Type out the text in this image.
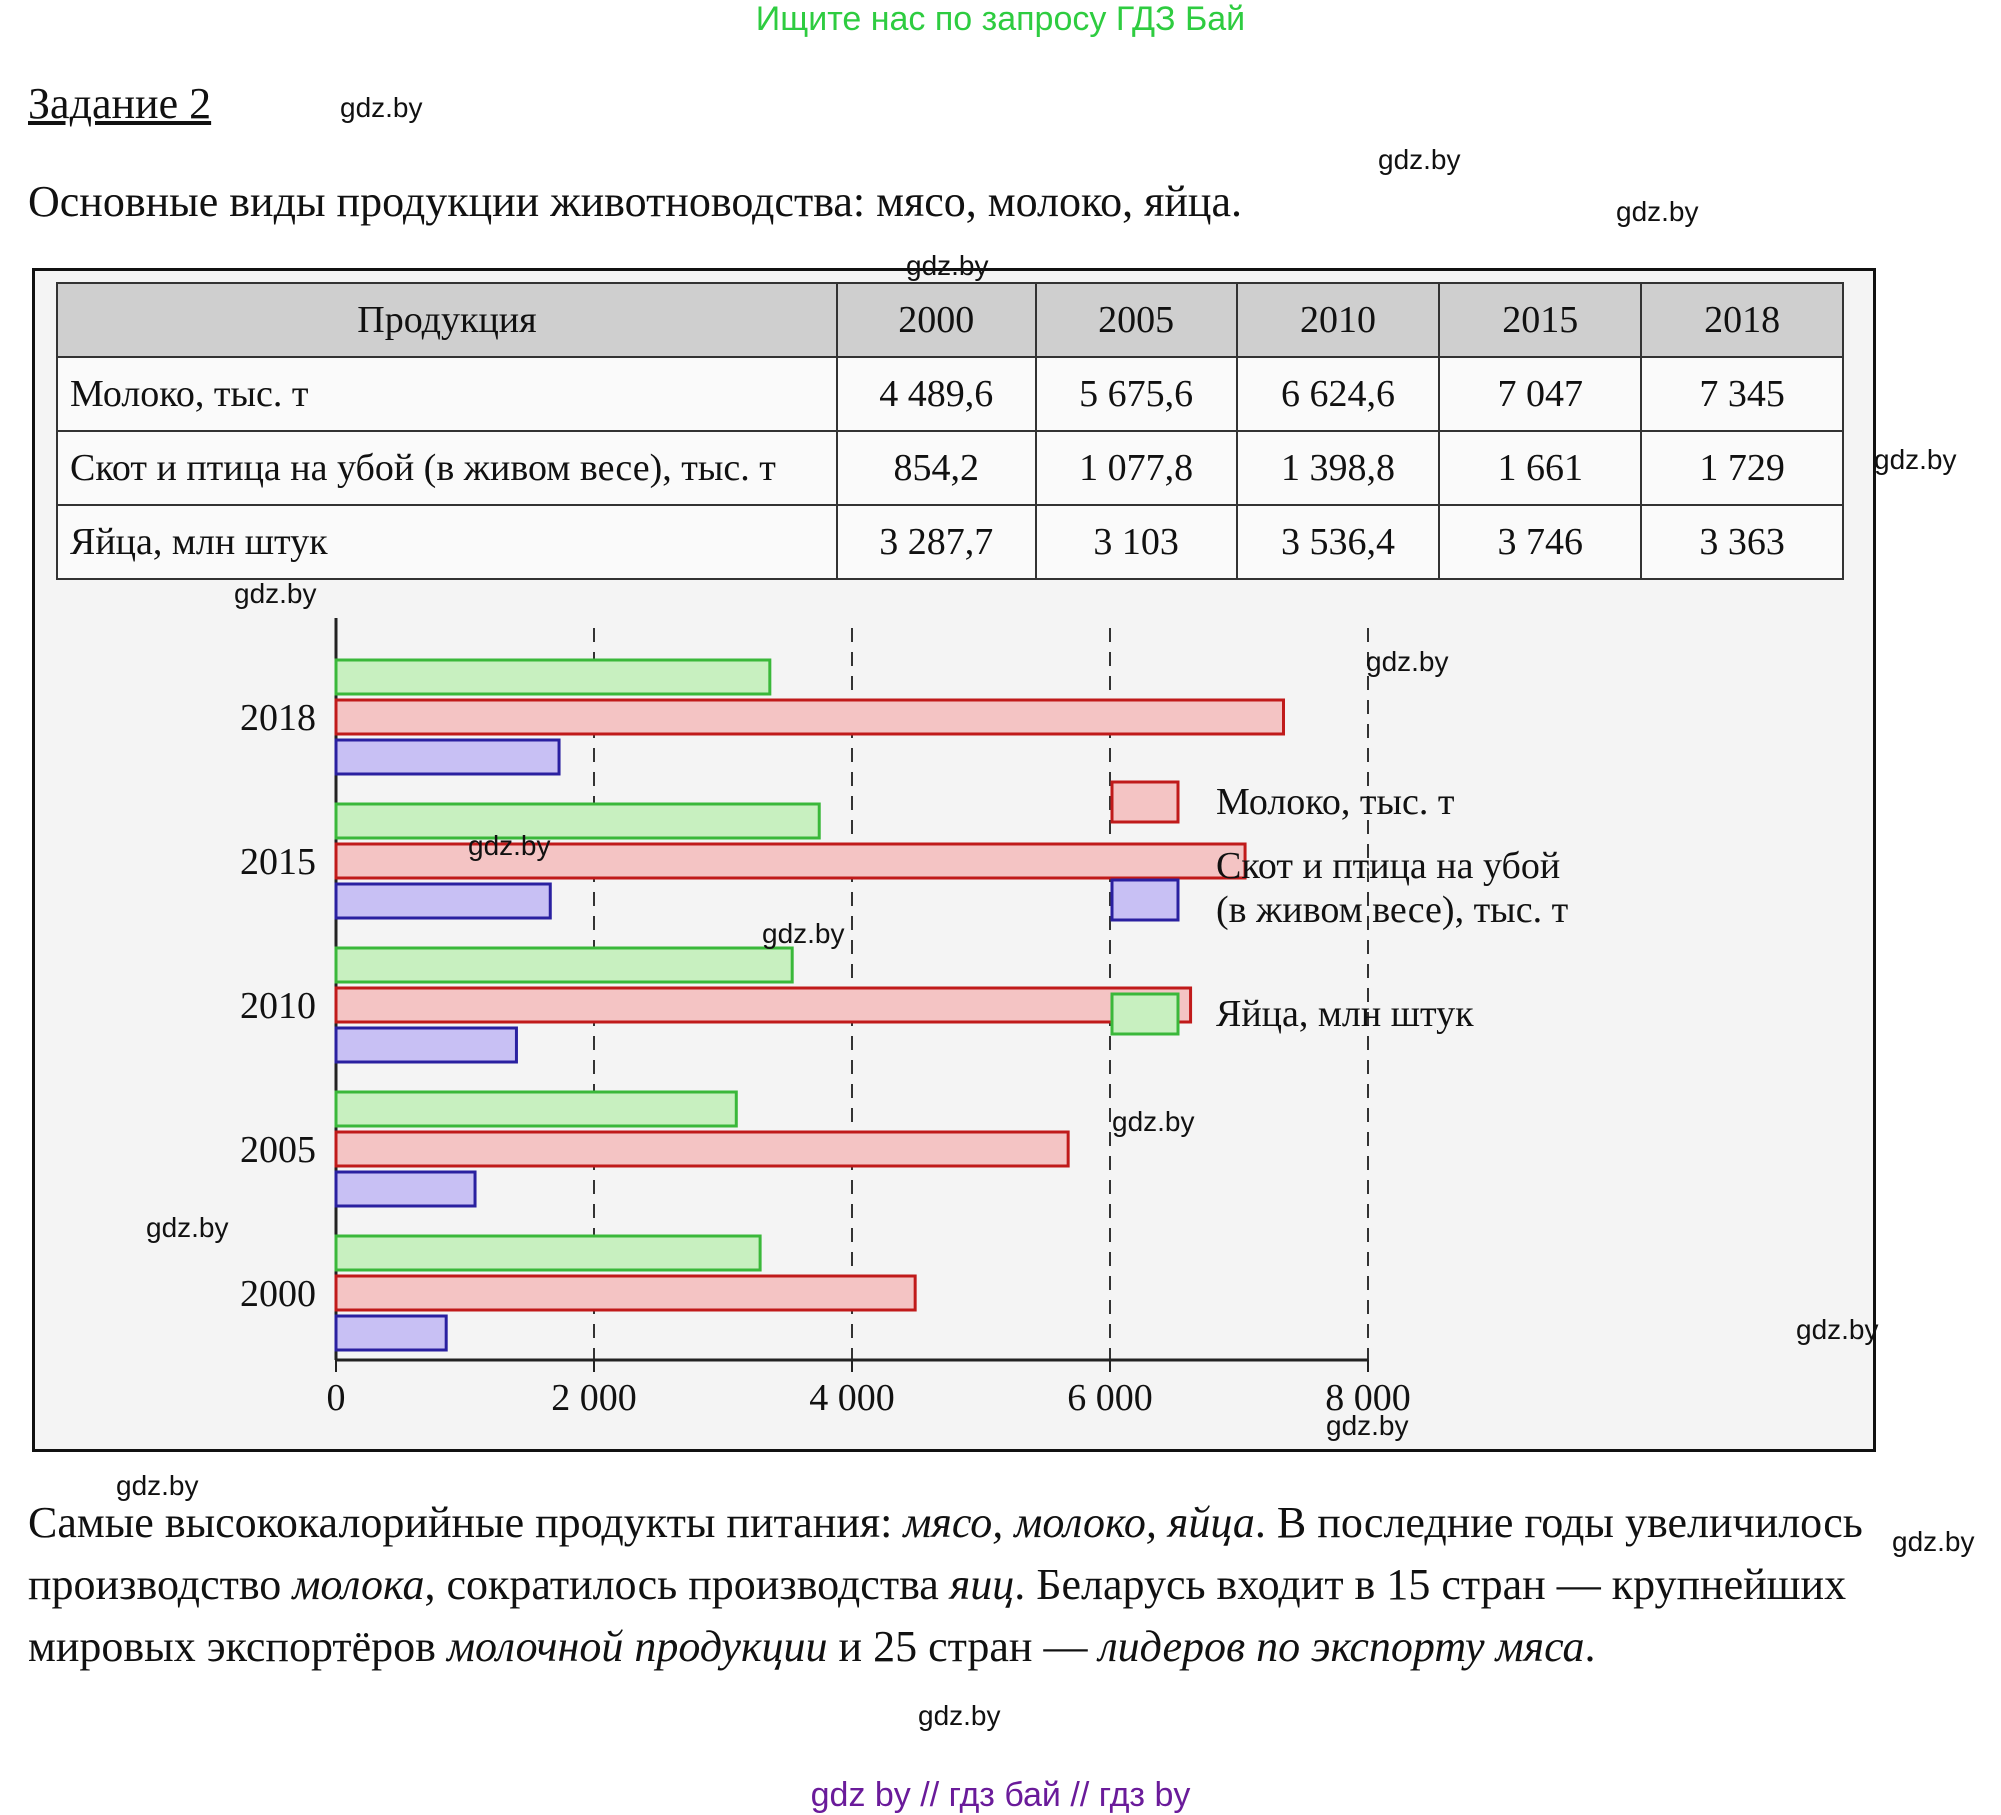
Ищите нас по запросу ГДЗ Бай
Задание 2	gdz.by
gdz.by
gdz.by
Основные виды продукции животноводства: мясо, молоко, яйца.
Продукция	2000	2005	2010	2015	2018
Молоко, тыс. т	4 489,6	5 675,6	6 624,6	7 047	7 345
Скот и птица на убой (в живом весе), тыс. т	854,2	1 077,8	1 398,8	1 661	1 729
Яйца, млн штук	3 287,7	3 103	3 536,4	3 746	3 363
0	2 000	4 000	6 000	8 000
2018
2015
2010
2005
2000
Молоко, тыс. т
Скот и птица на убой
(в живом весе), тыс. т
Яйца, млн штук
gdz.by
gdz.by
gdz.by
gdz.by
gdz.by
gdz.by
gdz.by
gdz.by
gdz.by
gdz.by
gdz.by
gdz.by
gdz.by
Самые высококалорийные продукты питания: мясо, молоко, яйца. В последние годы увеличилось производство молока, сократилось производства яиц. Беларусь входит в 15 стран — крупнейших мировых экспортёров молочной продукции и 25 стран — лидеров по экспорту мяса.
gdz by // гдз бай // гдз by
